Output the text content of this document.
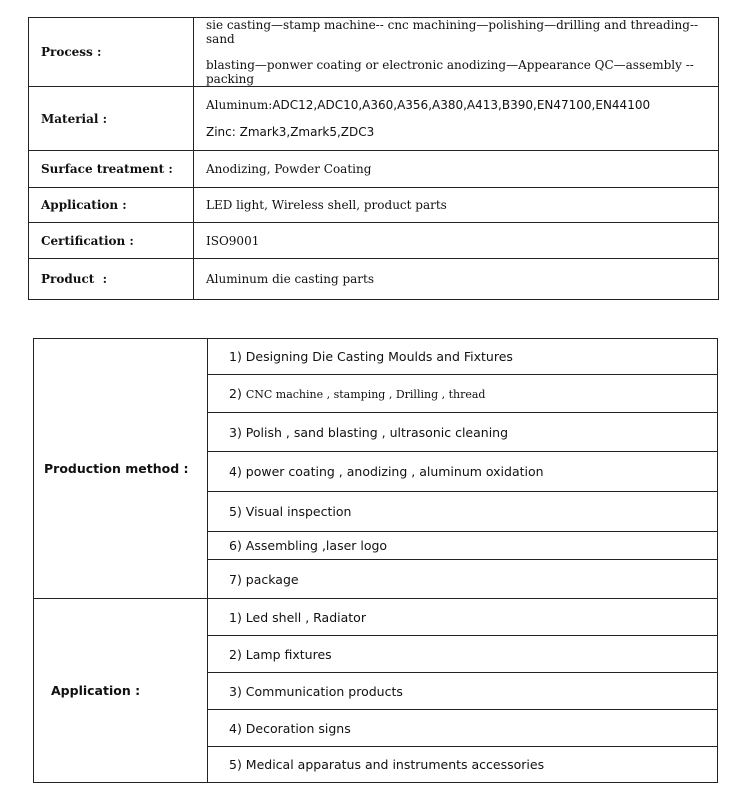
Process :	sie casting—stamp machine-- cnc machining—polishing—drilling and threading--sand
blasting—ponwer coating or electronic anodizing—Appearance QC—assembly --packing

Material :	Aluminum:ADC12,ADC10,A360,A356,A380,A413,B390,EN47100,EN44100
Zinc: Zmark3,Zmark5,ZDC3

Surface treatment :	Anodizing, Powder Coating
Application :	LED light, Wireless shell, product parts
Certification :	ISO9001
Product  :	Aluminum die casting parts
Production method :	1) Designing Die Casting Moulds and Fixtures
	2) CNC machine , stamping , Drilling , thread
	3) Polish , sand blasting , ultrasonic cleaning
	4) power coating , anodizing , aluminum oxidation
	5) Visual inspection
	6) Assembling ,laser logo
	7) package
Application :	1) Led shell , Radiator
	2) Lamp fixtures
	3) Communication products
	4) Decoration signs
	5) Medical apparatus and instruments accessories
